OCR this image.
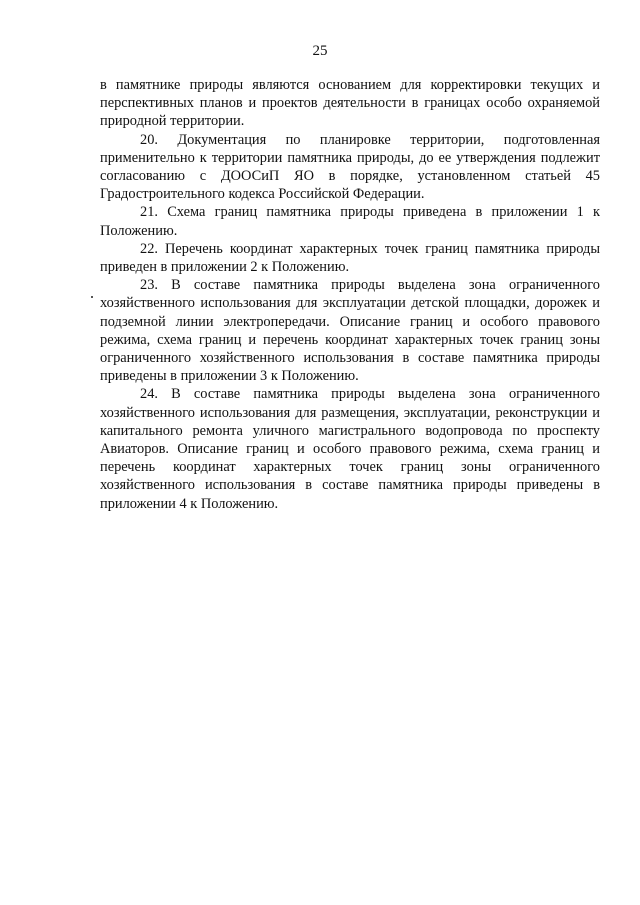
25

в памятнике природы являются основанием для корректировки текущих и перспективных планов и проектов деятельности в границах особо охраняемой природной территории.

20. Документация по планировке территории, подготовленная применительно к территории памятника природы, до ее утверждения подлежит согласованию с ДООСиП ЯО в порядке, установленном статьей 45 Градостроительного кодекса Российской Федерации.

21. Схема границ памятника природы приведена в приложении 1 к Положению.

22. Перечень координат характерных точек границ памятника природы приведен в приложении 2 к Положению.

23. В составе памятника природы выделена зона ограниченного хозяйственного использования для эксплуатации детской площадки, дорожек и подземной линии электропередачи. Описание границ и особого правового режима, схема границ и перечень координат характерных точек границ зоны ограниченного хозяйственного использования в составе памятника природы приведены в приложении 3 к Положению.

24. В составе памятника природы выделена зона ограниченного хозяйственного использования для размещения, эксплуатации, реконструкции и капитального ремонта уличного магистрального водопровода по проспекту Авиаторов. Описание границ и особого правового режима, схема границ и перечень координат характерных точек границ зоны ограниченного хозяйственного использования в составе памятника природы приведены в приложении 4 к Положению.
